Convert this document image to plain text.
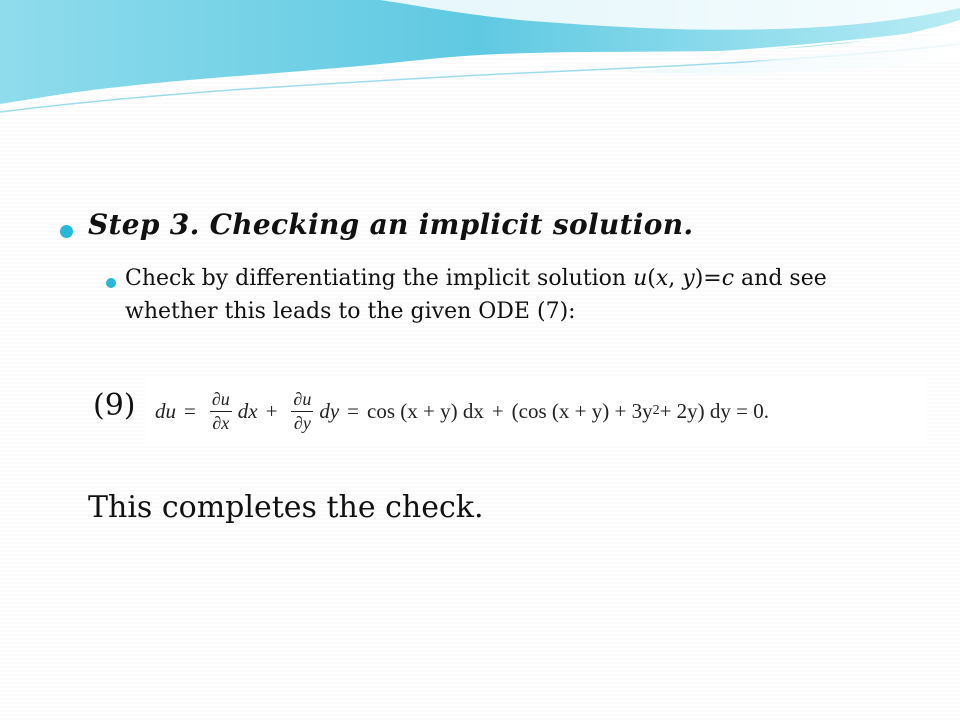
Step 3. Checking an implicit solution.
Check by differentiating the implicit solution u(x, y)=c and see whether this leads to the given ODE (7):
(9) du = $\frac{\partial u}{\partial x}$ dx + $\frac{\partial u}{\partial y}$ dy = cos (x + y) dx + (cos (x + y) + 3y 2 + 2y) dy = 0.
This completes the check.
